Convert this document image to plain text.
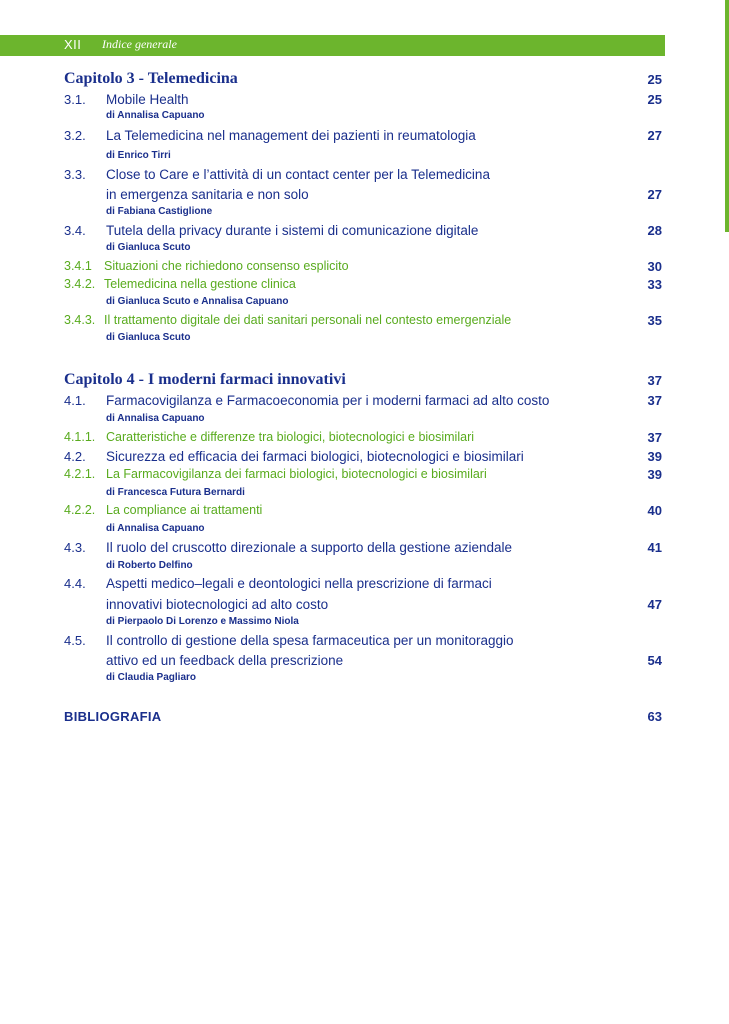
XII Indice generale
Capitolo 3 - Telemedicina	25
3.1. Mobile Health	25
di Annalisa Capuano
3.2. La Telemedicina nel management dei pazienti in reumatologia	27
di Enrico Tirri
3.3. Close to Care e l’attività di un contact center per la Telemedicina
in emergenza sanitaria e non solo	27
di Fabiana Castiglione
3.4. Tutela della privacy durante i sistemi di comunicazione digitale	28
di Gianluca Scuto
3.4.1 Situazioni che richiedono consenso esplicito	30
3.4.2. Telemedicina nella gestione clinica	33
di Gianluca Scuto e Annalisa Capuano
3.4.3. Il trattamento digitale dei dati sanitari personali nel contesto emergenziale	35
di Gianluca Scuto
Capitolo 4 - I moderni farmaci innovativi	37
4.1. Farmacovigilanza e Farmacoeconomia per i moderni farmaci ad alto costo	37
di Annalisa Capuano
4.1.1. Caratteristiche e differenze tra biologici, biotecnologici e biosimilari	37
4.2. Sicurezza ed efficacia dei farmaci biologici, biotecnologici e biosimilari	39
4.2.1. La Farmacovigilanza dei farmaci biologici, biotecnologici e biosimilari	39
di Francesca Futura Bernardi
4.2.2. La compliance ai trattamenti	40
di Annalisa Capuano
4.3. Il ruolo del cruscotto direzionale a supporto della gestione aziendale	41
di Roberto Delfino
4.4. Aspetti medico–legali e deontologici nella prescrizione di farmaci
innovativi biotecnologici ad alto costo	47
di Pierpaolo Di Lorenzo e Massimo Niola
4.5. Il controllo di gestione della spesa farmaceutica per un monitoraggio
attivo ed un feedback della prescrizione	54
di Claudia Pagliaro
BIBLIOGRAFIA	63
